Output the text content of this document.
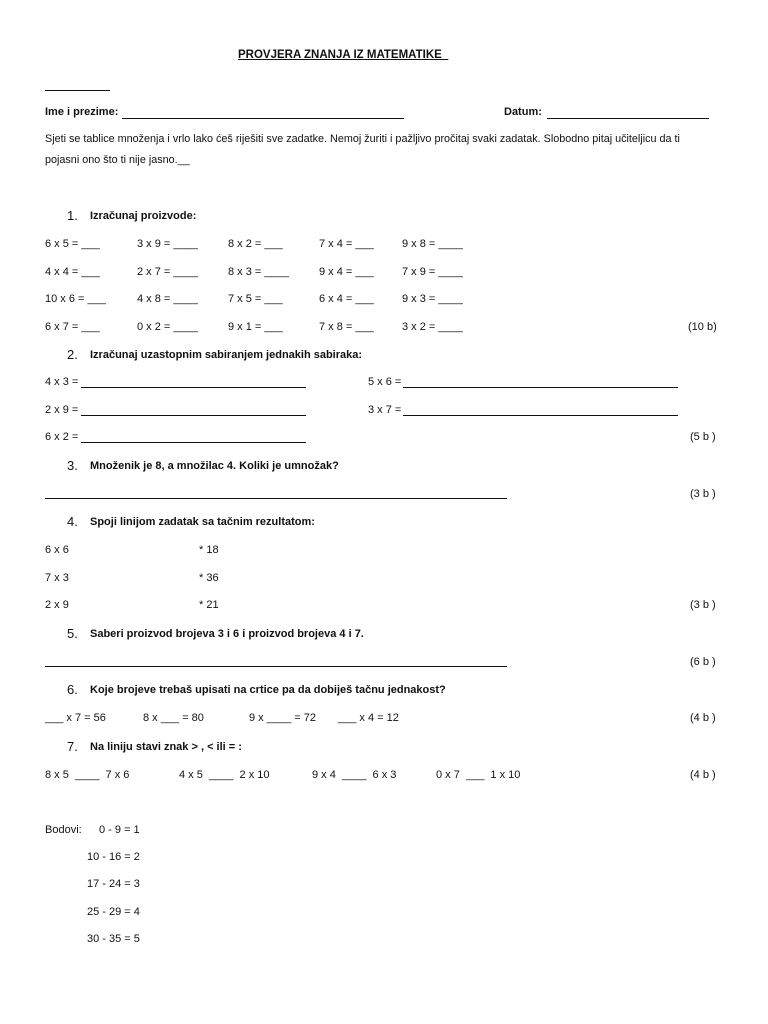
PROVJERA ZNANJA IZ MATEMATIKE_
Ime i prezime:	Datum:
Sjeti se tablice množenja i vrlo lako ćeš riješiti sve zadatke. Nemoj žuriti i pažljivo pročitaj svaki zadatak. Slobodno pitaj učiteljicu da ti
pojasni ono što ti nije jasno.__
1. Izračunaj proizvode:
6 x 5 = ___	3 x 9 = ____	8 x 2 = ___	7 x 4 = ___	9 x 8 = ____
4 x 4 = ___	2 x 7 = ____	8 x 3 = ____	9 x 4 = ___	7 x 9 = ____
10 x 6 = ___	4 x 8 = ____	7 x 5 = ___	6 x 4 = ___	9 x 3 = ____
6 x 7 = ___	0 x 2 = ____	9 x 1 = ___	7 x 8 = ___	3 x 2 = ____	(10 b)
2. Izračunaj uzastopnim sabiranjem jednakih sabiraka:
4 x 3 =	5 x 6 =
2 x 9 =	3 x 7 =
6 x 2 =	(5 b )
3. Množenik je 8, a množilac 4. Koliki je umnožak?
(3 b )
4. Spoji linijom zadatak sa tačnim rezultatom:
6 x 6	* 18
7 x 3	* 36
2 x 9	* 21	(3 b )
5. Saberi proizvod brojeva 3 i 6 i proizvod brojeva 4 i 7.
(6 b )
6. Koje brojeve trebaš upisati na crtice pa da dobiješ tačnu jednakost?
___ x 7 = 56	8 x ___ = 80	9 x ____ = 72 ___ x 4 = 12	(4 b )
7. Na liniju stavi znak > , < ili = :
8 x 5  ____  7 x 6	4 x 5  ____  2 x 10	9 x 4  ____  6 x 3	0 x 7  ___  1 x 10	(4 b )
Bodovi: 0 - 9 = 1
10 - 16 = 2
17 - 24 = 3
25 - 29 = 4
30 - 35 = 5
